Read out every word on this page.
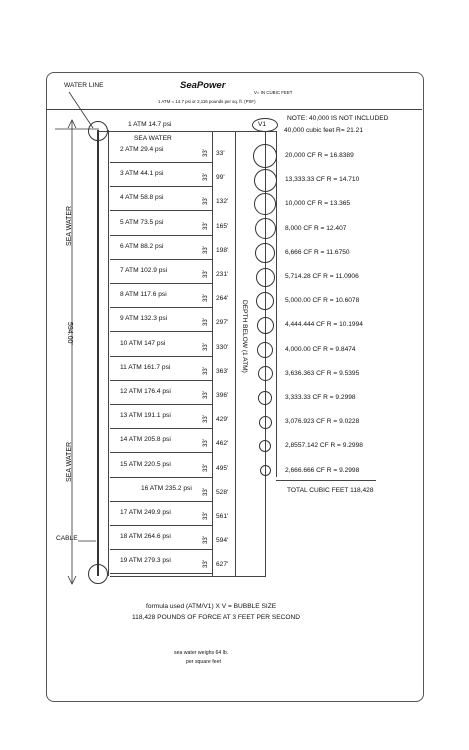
SeaPower
V= IN CUBIC FEET
1 ATM = 14.7 psi or 2,116 pounds per sq. ft. (PSF)
WATER LINE
SEA WATER
594.00'
SEA WATER
CABLE
1 ATM 14.7 psi
SEA WATER
DEPTH BELOW (1 ATM)
V1
NOTE: 40,000 IS NOT INCLUDED
40,000 cubic feet R= 21.21
2 ATM 29.4 psi	33' 33'	20,000 CF R = 16.8389
3 ATM 44.1 psi	33' 99'	13,333.33 CF R = 14.710
4 ATM 58.8 psi	33' 132'	10,000 CF R = 13.365
5 ATM 73.5 psi	33' 165'	8,000 CF R = 12.407
6 ATM 88.2 psi	33' 198'	6,666 CF R = 11.6750
7 ATM 102.9 psi	33' 231'	5,714.28 CF R = 11.0906
8 ATM 117.6 psi	33' 264'	5,000.00 CF R = 10.6078
9 ATM 132.3 psi	33' 297'	4,444.444 CF R = 10.1994
10 ATM 147 psi	33' 330'	4,000.00 CF R = 9.8474
11 ATM 161.7 psi	33' 363'	3,636.363 CF R = 9.5395
12 ATM 176.4 psi	33' 396'	3,333.33 CF R = 9.2998
13 ATM 191.1 psi	33' 429'	3,076.923 CF R = 9.0228
14 ATM 205.8 psi	33' 462'	2,8557.142 CF R = 9.2998
15 ATM 220.5 psi	33' 495'	2,666.666 CF R = 9.2998
16 ATM 235.2 psi 33' 528'
17 ATM 249.9 psi	33' 561'
18 ATM 264.6 psi	33' 594'
19 ATM 279.3 psi	33' 627'
TOTAL CUBIC FEET 118,428
formula used (ATM/V1) X V = BUBBLE SIZE
118,428 POUNDS OF FORCE AT 3 FEET PER SECOND
sea water weighs 64 lb.
per square feet
